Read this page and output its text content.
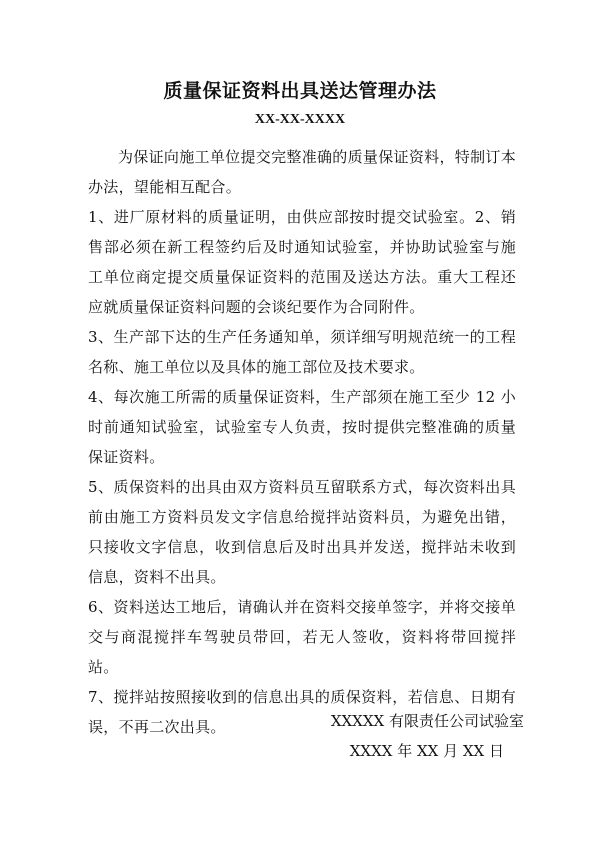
质量保证资料出具送达管理办法
XX-XX-XXXX

为保证向施工单位提交完整准确的质量保证资料，特制订本办法，望能相互配合。

1、进厂原材料的质量证明，由供应部按时提交试验室。2、销售部必须在新工程签约后及时通知试验室，并协助试验室与施工单位商定提交质量保证资料的范围及送达方法。重大工程还应就质量保证资料问题的会谈纪要作为合同附件。

3、生产部下达的生产任务通知单，须详细写明规范统一的工程名称、施工单位以及具体的施工部位及技术要求。

4、每次施工所需的质量保证资料，生产部须在施工至少 12 小时前通知试验室，试验室专人负责，按时提供完整准确的质量保证资料。

5、质保资料的出具由双方资料员互留联系方式，每次资料出具前由施工方资料员发文字信息给搅拌站资料员，为避免出错，只接收文字信息，收到信息后及时出具并发送，搅拌站未收到信息，资料不出具。

6、资料送达工地后，请确认并在资料交接单签字，并将交接单交与商混搅拌车驾驶员带回，若无人签收，资料将带回搅拌站。

7、搅拌站按照接收到的信息出具的质保资料，若信息、日期有误，不再二次出具。	XXXXX 有限责任公司试验室
XXXX 年 XX 月 XX 日
